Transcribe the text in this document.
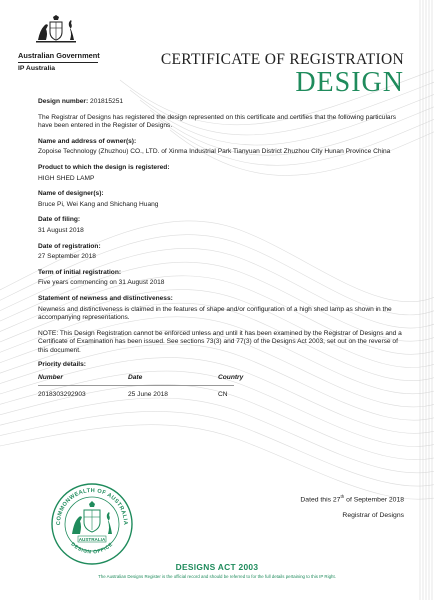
Australian Government
IP Australia
CERTIFICATE OF REGISTRATION
DESIGN
Design number: 201815251
The Registrar of Designs has registered the design represented on this certificate and certifies that the following particulars have been entered in the Register of Designs.
Name and address of owner(s):
Zopoise Technology (Zhuzhou) CO., LTD. of Xinma Industrial Park Tianyuan District Zhuzhou City Hunan Province China
Product to which the design is registered:
HIGH SHED LAMP
Name of designer(s):
Bruce Pi, Wei Kang and Shichang Huang
Date of filing:
31 August 2018
Date of registration:
27 September 2018
Term of initial registration:
Five years commencing on 31 August 2018
Statement of newness and distinctiveness:
Newness and distinctiveness is claimed in the features of shape and/or configuration of a high shed lamp as shown in the accompanying representations.
NOTE: This Design Registration cannot be enforced unless and until it has been examined by the Registrar of Designs and a Certificate of Examination has been issued. See sections 73(3) and 77(3) of the Designs Act 2003, set out on the reverse of this document.
Priority details:
Number	Date	Country
2018303292903	25 June 2018	CN
COMMONWEALTH OF AUSTRALIA
DESIGN OFFICE
AUSTRALIA
Dated this 27th of September 2018
Registrar of Designs
DESIGNS ACT 2003
The Australian Designs Register is the official record and should be referred to for the full details pertaining to this IP Right.
